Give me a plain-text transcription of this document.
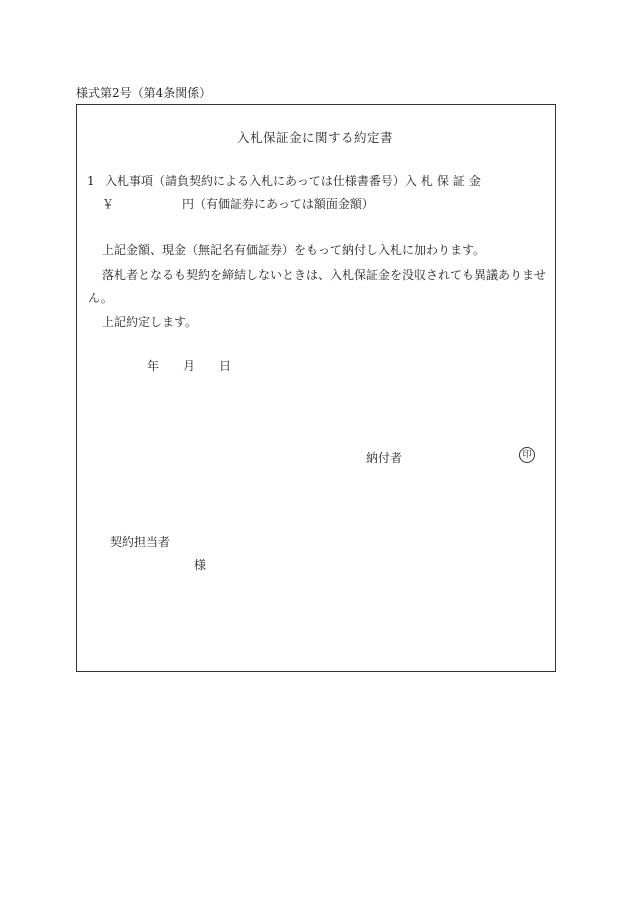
様式第2号（第4条関係）
入札保証金に関する約定書
1 入札事項（請負契約による入札にあっては仕様書番号）入札保証金
￥	円（有価証券にあっては額面金額）
上記金額、現金（無記名有価証券）をもって納付し入札に加わります。
落札者となるも契約を締結しないときは、入札保証金を没収されても異議ありませ
ん。
上記約定します。
年 月 日
納付者	印
契約担当者
様
